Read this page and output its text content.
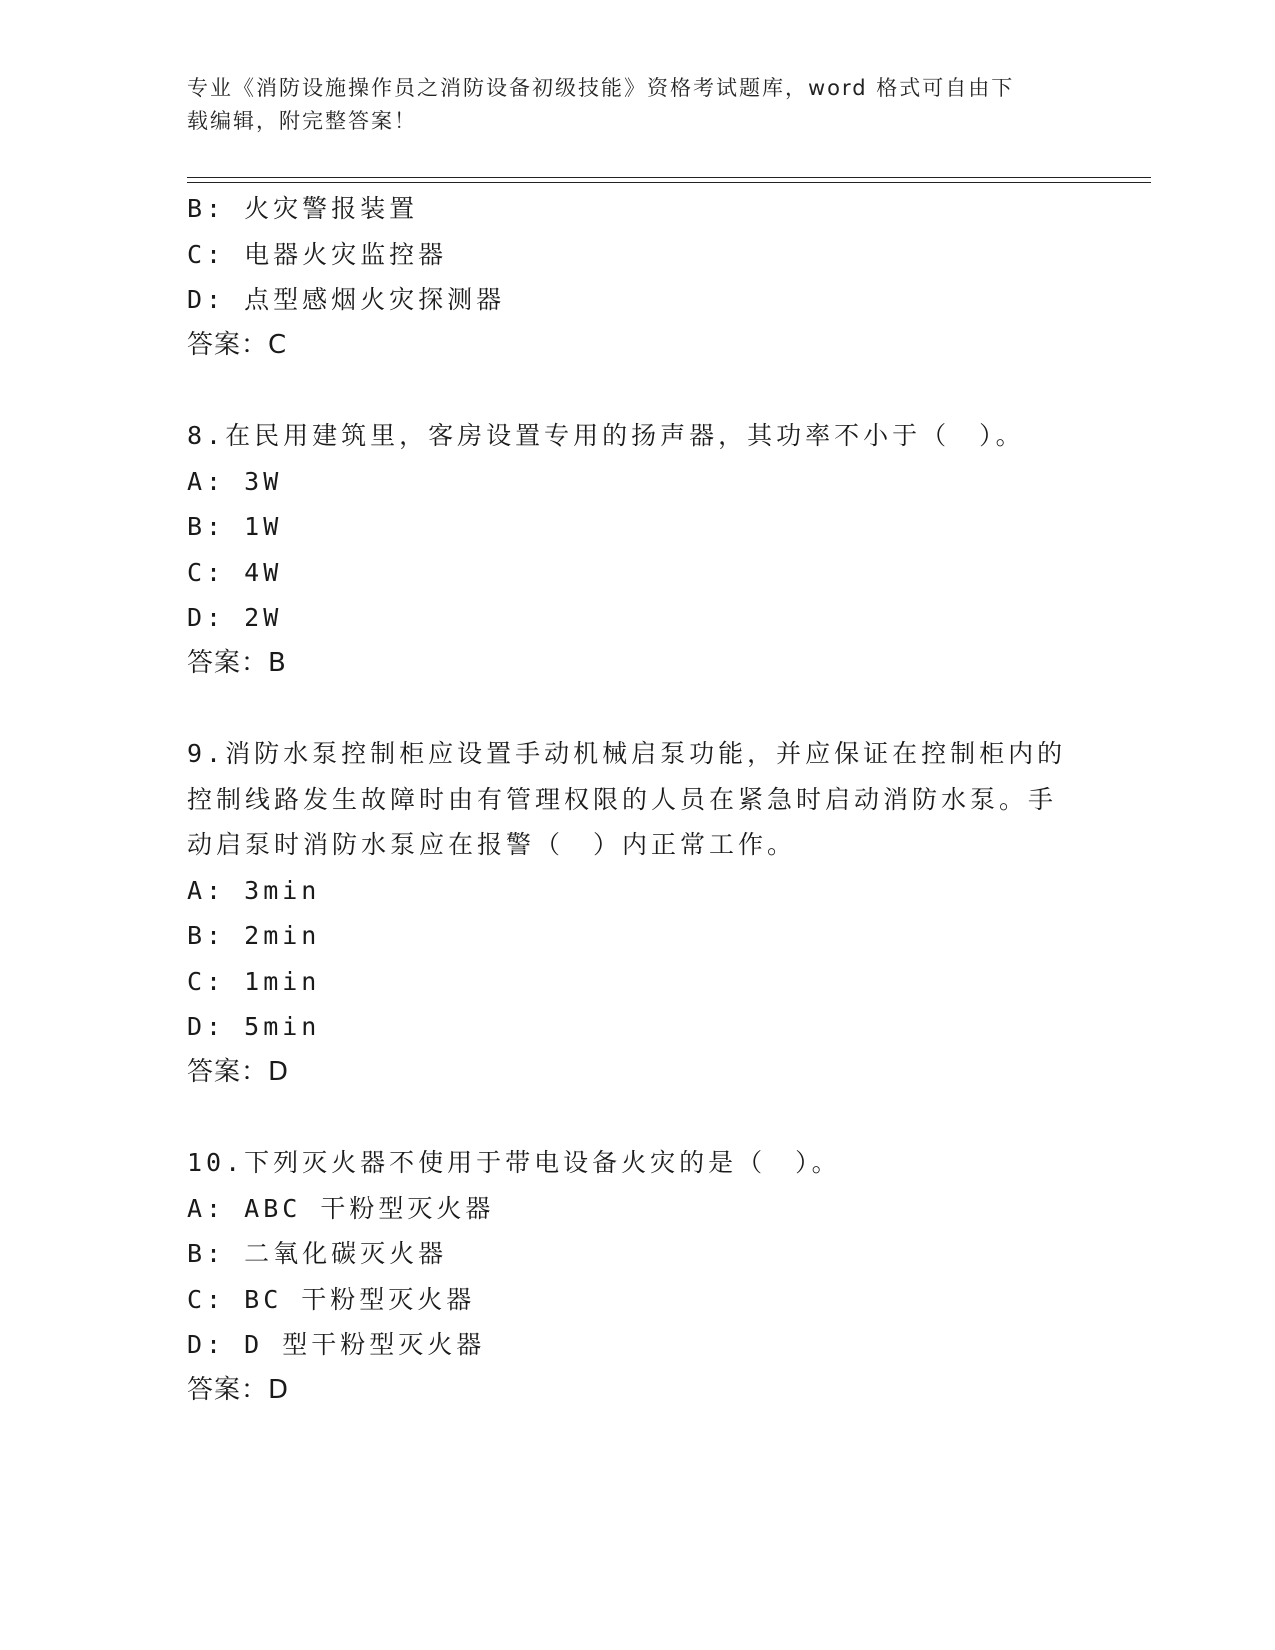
专业《消防设施操作员之消防设备初级技能》资格考试题库，word 格式可自由下
载编辑，附完整答案！
B: 火灾警报装置
C: 电器火灾监控器
D: 点型感烟火灾探测器
答案：C
8.在民用建筑里，客房设置专用的扬声器，其功率不小于（　）。
A: 3W
B: 1W
C: 4W
D: 2W
答案：B
9.消防水泵控制柜应设置手动机械启泵功能，并应保证在控制柜内的
控制线路发生故障时由有管理权限的人员在紧急时启动消防水泵。手
动启泵时消防水泵应在报警（　）内正常工作。
A: 3min
B: 2min
C: 1min
D: 5min
答案：D
10.下列灭火器不使用于带电设备火灾的是（　）。
A: ABC 干粉型灭火器
B: 二氧化碳灭火器
C: BC 干粉型灭火器
D: D 型干粉型灭火器
答案：D
